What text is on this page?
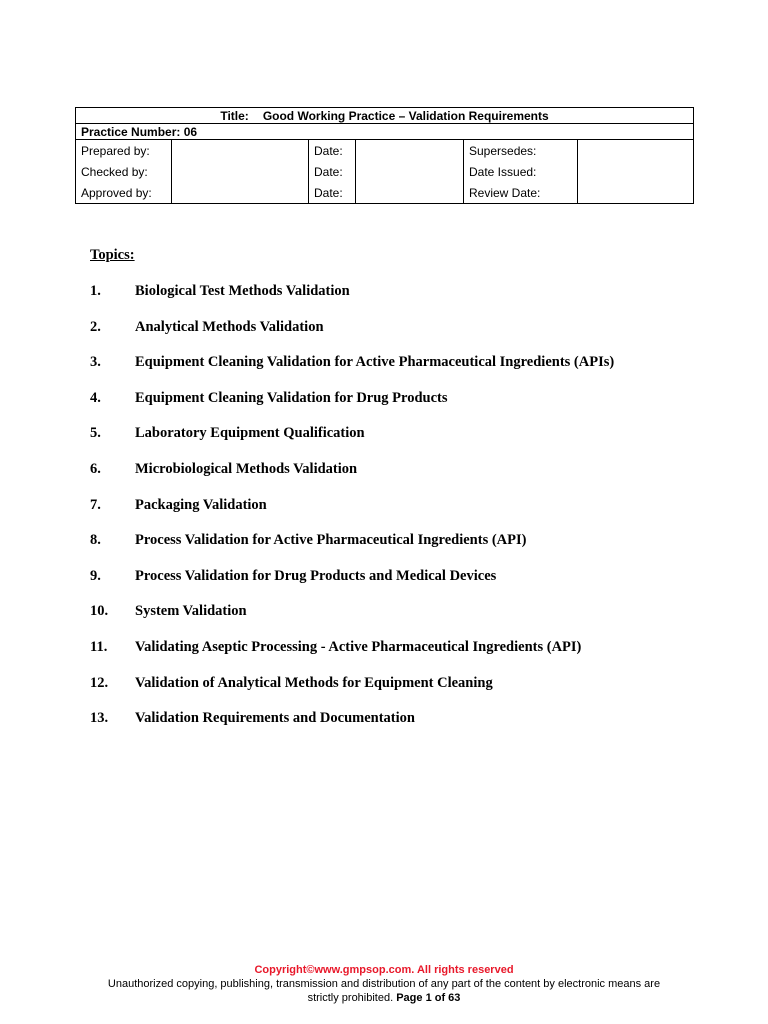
Title: Good Working Practice – Validation Requirements					
Practice Number: 06					
Prepared by:		Date:		Supersedes:	
Checked by:		Date:		Date Issued:	
Approved by:		Date:		Review Date:	
Topics:
1.	Biological Test Methods Validation
2.	Analytical Methods Validation
3.	Equipment Cleaning Validation for Active Pharmaceutical Ingredients (APIs)
4.	Equipment Cleaning Validation for Drug Products
5.	Laboratory Equipment Qualification
6.	Microbiological Methods Validation
7.	Packaging Validation
8.	Process Validation for Active Pharmaceutical Ingredients (API)
9.	Process Validation for Drug Products and Medical Devices
10.	System Validation
11.	Validating Aseptic Processing - Active Pharmaceutical Ingredients (API)
12.	Validation of Analytical Methods for Equipment Cleaning
13.	Validation Requirements and Documentation
Copyright©www.gmpsop.com. All rights reserved
Unauthorized copying, publishing, transmission and distribution of any part of the content by electronic means are
strictly prohibited. Page 1 of 63
